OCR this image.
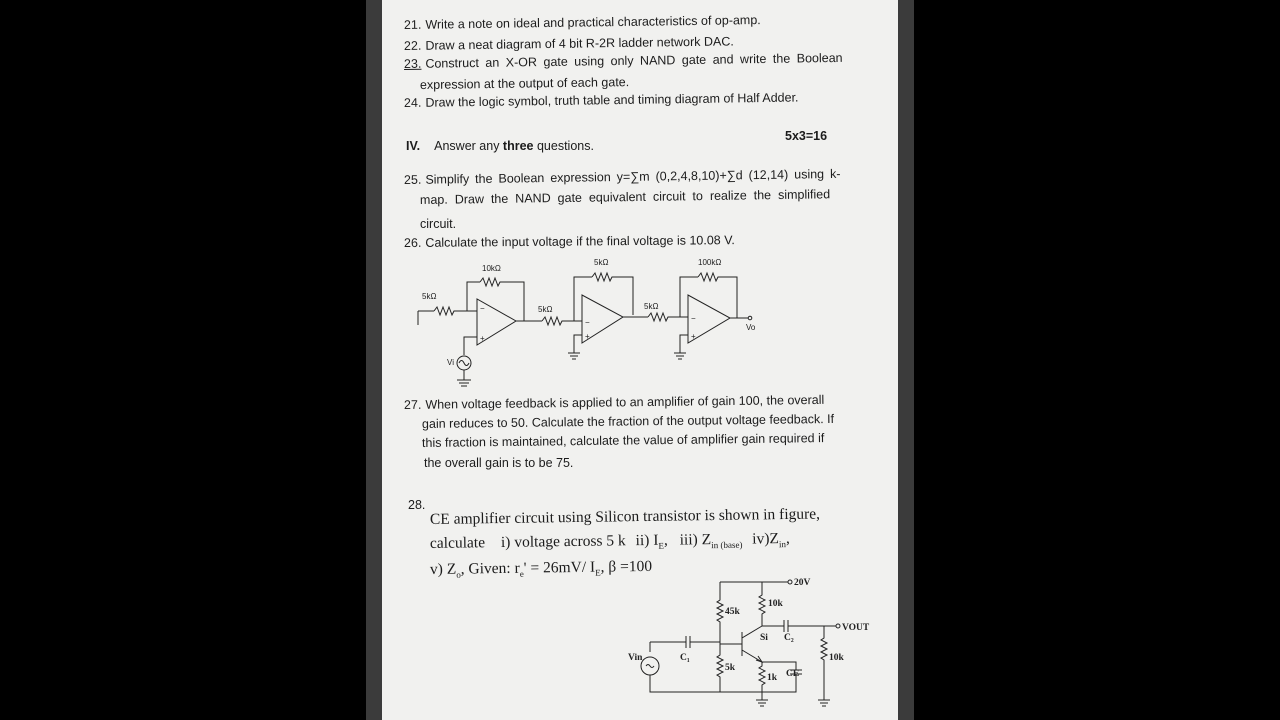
21. Write a note on ideal and practical characteristics of op-amp.
22. Draw a neat diagram of 4 bit R-2R ladder network DAC.
23. Construct an X-OR gate using only NAND gate and write the Boolean
expression at the output of each gate.
24. Draw the logic symbol, truth table and timing diagram of Half Adder.
IV. Answer any three questions.
5x3=16
25. Simplify the Boolean expression y=∑m (0,2,4,8,10)+∑d (12,14) using k-
map. Draw the NAND gate equivalent circuit to realize the simplified
circuit.
26. Calculate the input voltage if the final voltage is 10.08 V.
5kΩ
10kΩ
5kΩ
5kΩ
5kΩ
100kΩ
Vi
Vo
−
+
−
+
−
+
27. When voltage feedback is applied to an amplifier of gain 100, the overall
gain reduces to 50. Calculate the fraction of the output voltage feedback. If
this fraction is maintained, calculate the value of amplifier gain required if
the overall gain is to be 75.
28.
CE amplifier circuit using Silicon transistor is shown in figure,
calculate i) voltage across 5 k ii) $I_E$, iii) $Z_{in (base)}$ $iv)Z_{in}$,
v) $Z_o$, Given: $r_e' = 26mV/$ $I_E$, β =100
20V
45k
10k
Si C₂
VOUT
Vin	C₁
5k
1k CE
10k
